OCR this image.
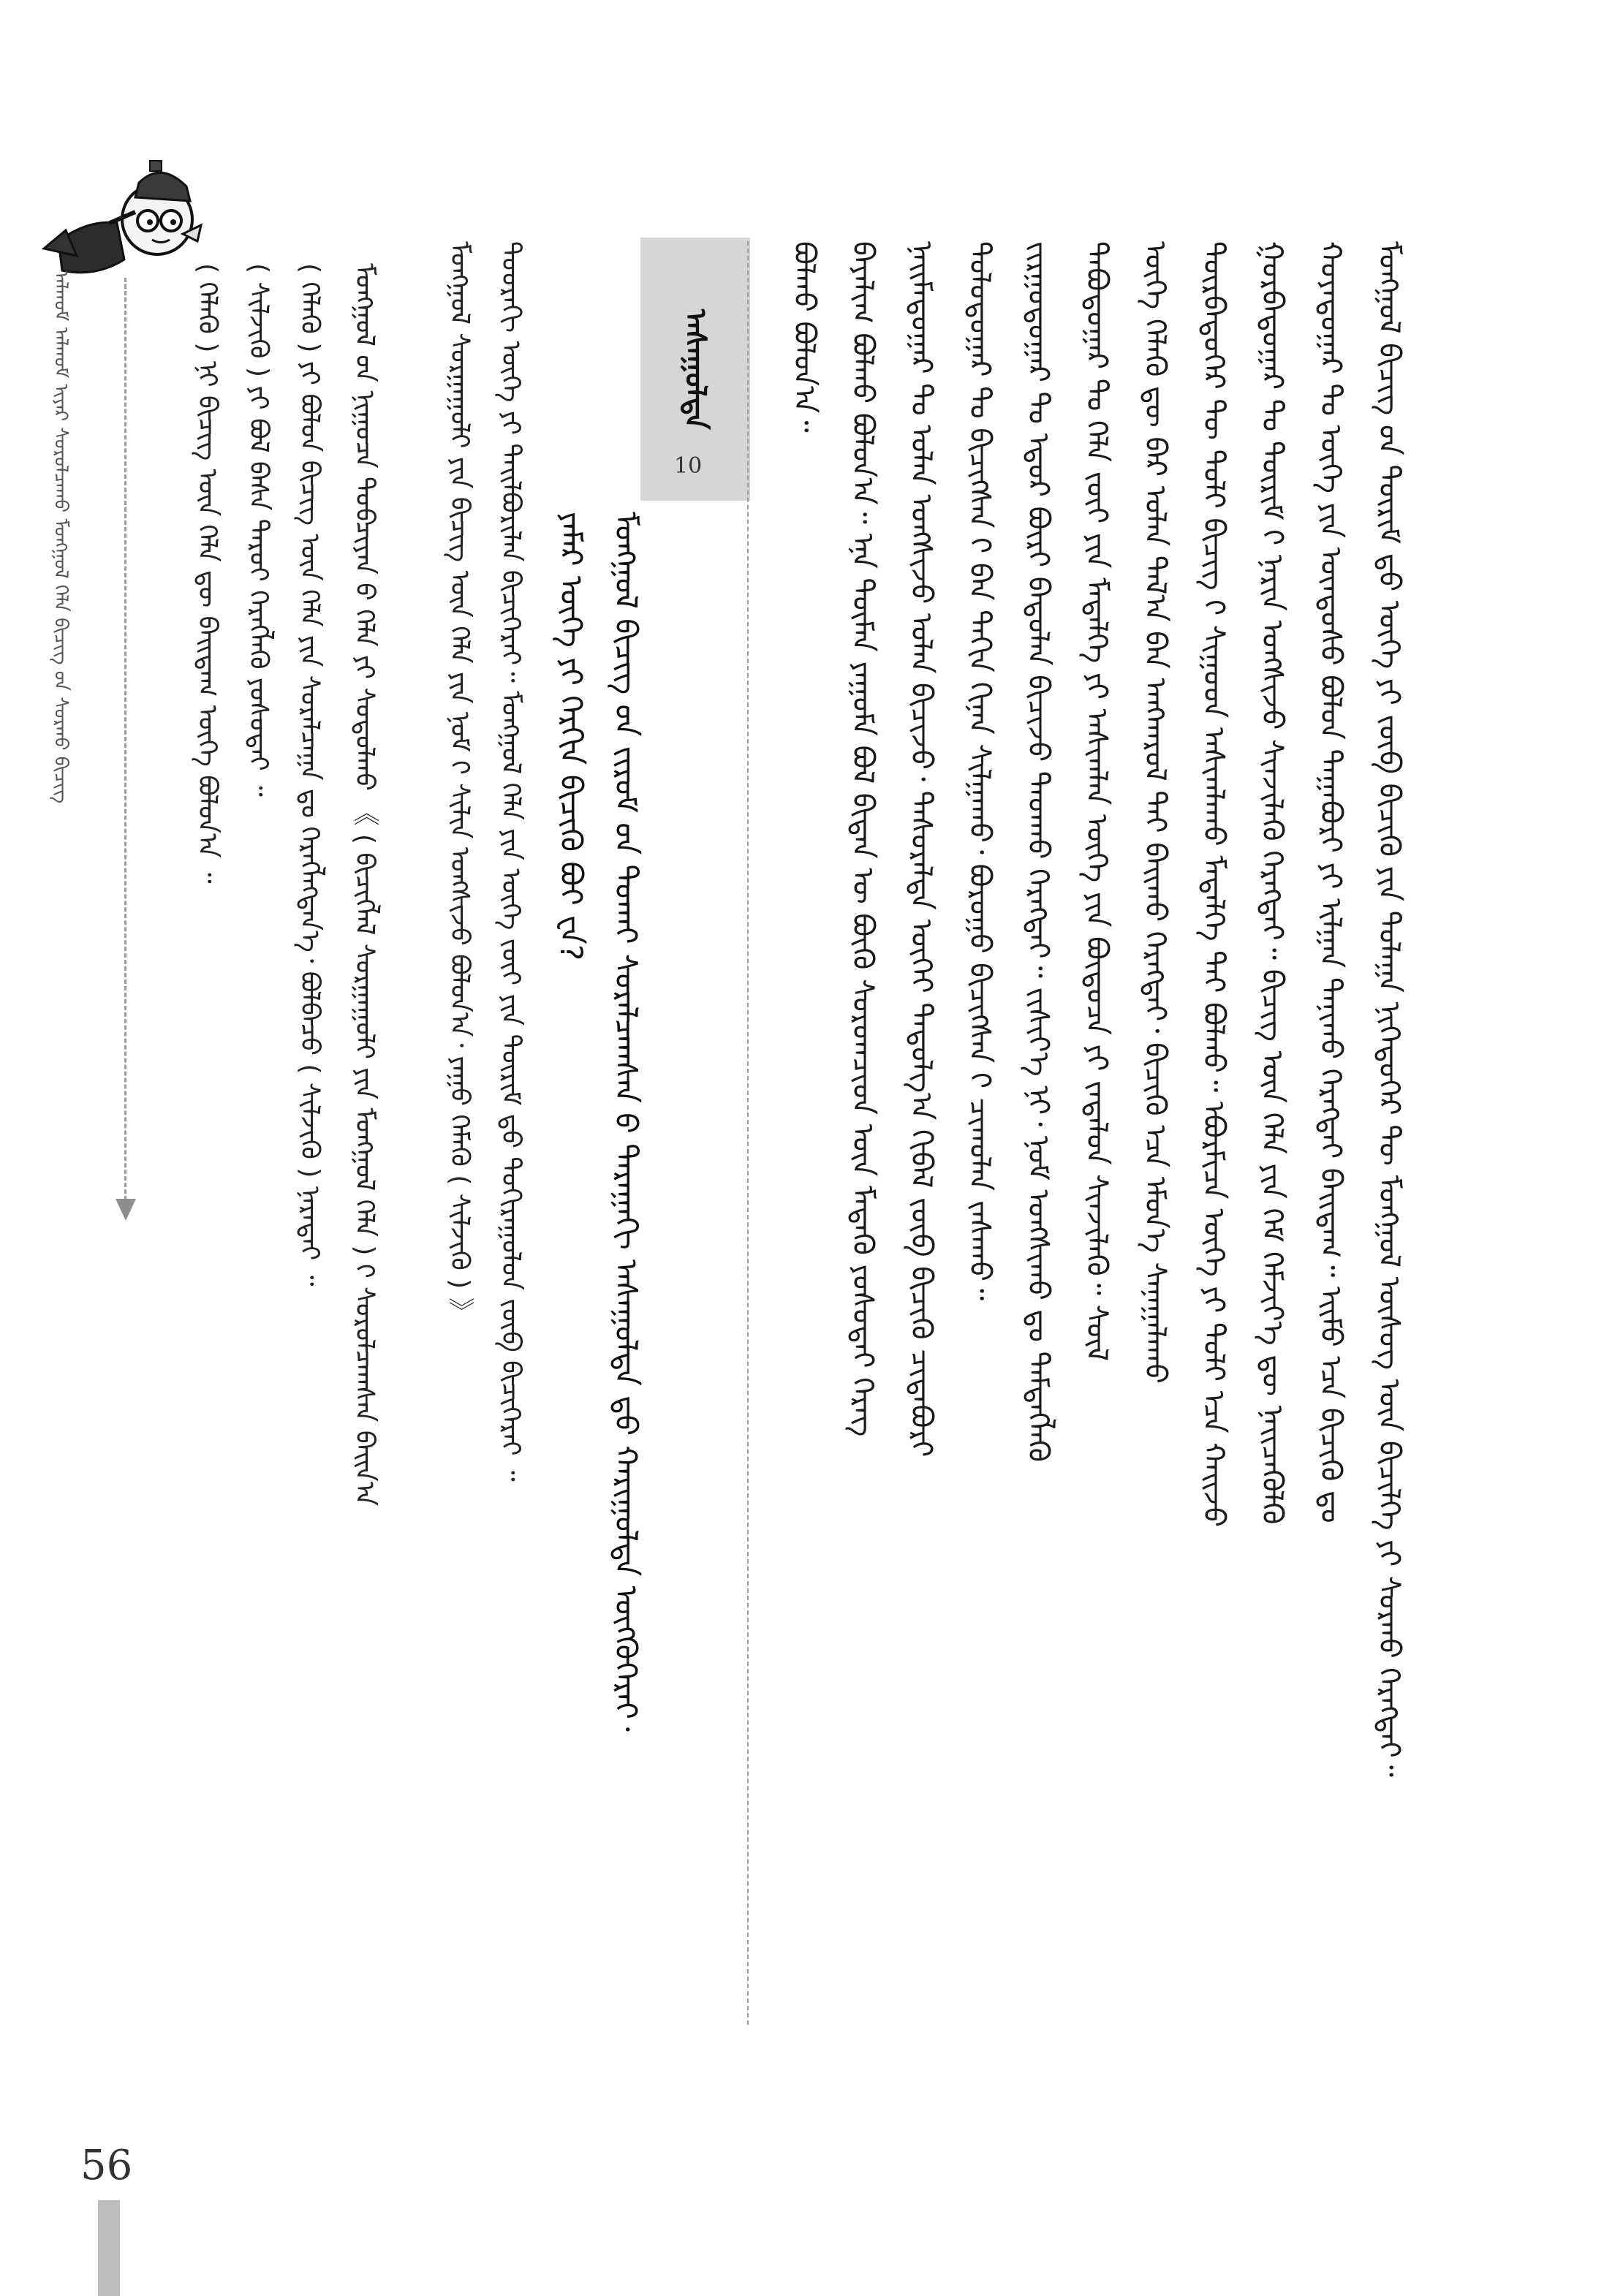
ᠠᠯᠬᠤᠮ ᠠᠯᠬᠤᠮ ᠢᠶᠠᠷ ᠰᠤᠷᠤᠯᠴᠠᠬᠤ ᠮᠣᠩᠭᠣᠯ ᠬᠡᠯᠡ ᠪᠢᠴᠢᠭ ᠤ᠋ᠨ ᠰᠤᠷᠬᠤ ᠪᠢᠴᠢᠭ
56
( ᠬᠡᠯᠡᠬᠦ ) ᠨᠢ ᠪᠢᠴᠢᠭ ᠦᠨ ᠬᠡᠯᠡ ᠳᠦ ᠪᠠᠢᠳᠠᠭ ᠦᠭᠡ ᠪᠣᠯᠤᠨ᠎ᠠ ᠃ ( ᠰᠢᠯᠵᠢᠬᠦ ) ᠶᠢ ᠪᠣᠯ ᠪᠠᠰᠠ ᠳᠠᠷᠤᠢ ᠬᠡᠷᠡᠭᠯᠡᠬᠦ ᠶᠣᠰᠣᠲᠠᠢ ᠃ ( ᠬᠡᠯᠡᠬᠦ ) ᠶᠢ ᠪᠣᠯᠤᠨ ᠪᠢᠴᠢᠭ ᠦᠨ ᠬᠡᠯᠡ ᠶᠢᠨ ᠰᠤᠷᠠᠯᠴᠠᠭᠠ ᠳᠤ ᠬᠡᠷᠡᠭᠯᠡᠭᠳᠡᠨ᠎ᠡ᠂ ᠪᠣᠯᠪᠠᠴᠤ ( ᠰᠢᠯᠵᠢᠬᠦ ) ᠨᠡᠷᠡᠲᠡᠢ ᠃ ᠮᠣᠩᠭᠣᠯ ᠤ᠋ᠨ ᠨᠢᠭᠤᠴᠠ ᠲᠣᠪᠴᠢᠶᠠᠨ ᠤ᠋ ᠬᠡᠯᠡ ᠶᠢ ᠰᠤᠳᠤᠯᠬᠤ 《 ( ᠪᠢᠴᠢᠭᠯᠡᠯ ᠰᠤᠷᠭᠠᠭᠤᠯᠢ ᠶᠢᠨ ᠮᠣᠩᠭᠣᠯ ᠬᠡᠯᠡ ) ᠢ᠋ ᠰᠤᠷᠤᠯᠴᠠᠭᠰᠠᠨ ᠪᠠᠢᠨ᠎ᠠ ᠮᠣᠩᠭᠣᠯ ᠰᠤᠷᠭᠠᠭᠤᠯᠢ ᠶᠢᠨ ᠪᠢᠴᠢᠭ ᠦᠨ ᠬᠡᠯᠡ ᠶᠢᠨ ᠨᠣᠮ ᠢ᠋ ᠰᠢᠯᠢᠨ ᠤᠩᠰᠢᠵᠤ ᠪᠣᠯᠤᠨ᠎ᠠ᠂ ᠶᠠᠭᠤ ᠬᠡᠮᠡᠬᠦ ( ᠰᠢᠯᠵᠢᠬᠦ ) 》 ᠳᠣᠣᠷᠠᠬᠢ ᠦᠭᠡ ᠶᠢ ᠲᠠᠢᠯᠪᠤᠷᠢᠯᠠᠨ ᠪᠢᠴᠢᠭᠡᠷᠡᠢ᠃ ᠮᠣᠩᠭᠣᠯ ᠬᠡᠯᠡ ᠶᠢᠨ ᠦᠭᠡ ᠵᠦᠢ ᠶᠢᠨ ᠳᠦᠷᠢᠮ ᠳ᠋ᠤ᠌ ᠲᠣᠬᠢᠷᠠᠭᠤᠯᠤᠨ ᠵᠦᠪ ᠪᠢᠴᠢᠭᠡᠷᠡᠢ ᠃ ᠶᠠᠮᠠᠷ ᠦᠭᠡ ᠶᠢ ᠬᠡᠷᠬᠢᠨ ᠪᠢᠴᠢᠬᠦ ᠪᠤᠢ ᠸᠡ? ᠮᠣᠩᠭᠣᠯ ᠪᠢᠴᠢᠭ ᠤ᠋ᠨ ᠵᠢᠷᠤᠮ ᠤ᠋ᠨ ᠲᠤᠬᠠᠢ ᠰᠤᠷᠠᠯᠴᠠᠭᠰᠠᠨ ᠤ᠋ ᠳᠠᠷᠠᠭᠠᠬᠢ ᠠᠰᠠᠭᠤᠯᠲᠠ ᠳ᠋ᠤ᠌ ᠬᠠᠷᠢᠭᠤᠯᠲᠠ ᠥᠭᠭᠦᠭᠡᠷᠡᠢ᠂
ᠠᠰᠠᠭᠤᠯᠲᠠ
10
ᠪᠣᠯᠬᠤ ᠪᠣᠯᠤᠨ᠎ᠠ᠃ ᠪᠠᠶᠠᠯᠢᠭ ᠪᠣᠯᠬᠤ ᠪᠣᠯᠤᠨ᠎ᠠ᠃ ᠡᠨᠡ ᠲᠦᠮᠡᠨ ᠶᠠᠭᠤᠮᠠ ᠪᠣᠯ ᠪᠢᠳᠡᠨ ᠦ ᠪᠦᠬᠦ ᠰᠤᠷᠤᠭᠴᠢᠳ ᠦᠨ ᠮᠡᠳᠡᠬᠦ ᠶᠣᠰᠣᠲᠠᠢ ᠬᠡᠷᠡᠭ ᠨᠠᠢᠮᠠᠳᠤᠭᠠᠷ ᠲᠤ ᠣᠯᠠᠨ ᠤᠩᠰᠢᠵᠤ ᠣᠯᠠᠨ ᠪᠢᠴᠢᠵᠦ᠂ ᠲᠠᠰᠤᠷᠠᠯᠲᠠ ᠦᠭᠡᠢ ᠳᠠᠳᠤᠯᠭ᠎ᠠ ᠬᠢᠪᠡᠯ ᠵᠦᠪ ᠪᠢᠴᠢᠬᠦ ᠴᠢᠳᠠᠪᠤᠷᠢ ᠳᠣᠯᠣᠳᠤᠭᠠᠷ ᠲᠤ ᠪᠢᠴᠢᠭᠰᠡᠨ ᠢ᠋ ᠪᠠᠨ ᠳᠠᠬᠢᠨ ᠬᠢᠨᠠᠨ ᠰᠢᠯᠭᠠᠬᠤ᠂ ᠪᠤᠷᠤᠭᠤ ᠪᠢᠴᠢᠭᠰᠡᠨ ᠢ᠋ ᠴᠢᠬᠤᠯᠠᠨ ᠵᠠᠰᠠᠬᠤ᠃ ᠵᠢᠷᠭᠤᠳᠤᠭᠠᠷ ᠲᠤ ᠡᠳᠦᠷ ᠪᠦᠷᠢ ᠪᠠᠳᠤᠯᠠᠨ ᠪᠢᠴᠢᠵᠦ ᠳᠠᠳᠬᠤ ᠬᠡᠷᠡᠭᠲᠡᠢ᠃ ᠵᠢᠱᠢᠶ᠎ᠡ ᠨᠢ᠂ ᠨᠣᠮ ᠤᠩᠰᠢᠬᠤ ᠳᠤ ᠲᠡᠮᠳᠡᠭᠯᠡᠬᠦ ᠲᠠᠪᠤᠳᠤᠭᠠᠷ ᠲᠤ ᠬᠡᠯᠡ ᠵᠦᠢ ᠶᠢᠨ ᠮᠡᠳᠡᠯᠭᠡ ᠶᠢ ᠠᠰᠢᠭᠯᠠᠨ ᠦᠭᠡ ᠶᠢᠨ ᠪᠦᠲᠦᠴᠡ ᠶᠢ ᠵᠠᠳᠠᠯᠤᠨ ᠱᠢᠨᠵᠢᠯᠡᠬᠦ᠃ ᠰᠦᠯ ᠦᠭᠡ ᠬᠡᠯᠡᠬᠦ ᠳᠦ ᠪᠠᠷ ᠣᠯᠠᠨ ᠲᠠᠯ᠎ᠠ ᠪᠠᠨ ᠠᠩᠬᠠᠷᠤᠯ ᠲᠠᠢ ᠪᠠᠢᠬᠤ ᠬᠡᠷᠡᠭᠲᠡᠢ᠂ ᠪᠢᠴᠢᠬᠦ ᠡᠴᠡ ᠡᠮᠦᠨ᠎ᠡ ᠰᠠᠨᠠᠭᠠᠯᠠᠬᠤ ᠳᠥᠷᠪᠡᠳᠦᠭᠡᠷ ᠲᠦ ᠲᠣᠯᠢ ᠪᠢᠴᠢᠭ ᠢ᠋ ᠰᠢᠭᠤᠳ ᠠᠰᠢᠭᠯᠠᠬᠤ ᠮᠡᠳᠡᠯᠭᠡ ᠲᠡᠢ ᠪᠣᠯᠬᠤ᠃ ᠡᠪᠦᠷᠮᠢᠴᠡ ᠦᠭᠡ ᠶᠢ ᠲᠣᠯᠢ ᠡᠴᠡ ᠬᠠᠢᠵᠤ ᠭᠤᠷᠪᠠᠳᠤᠭᠠᠷ ᠲᠤ ᠳᠦᠷᠢᠮ ᠢ᠋ ᠨᠠᠷᠢᠨ ᠤᠩᠰᠢᠵᠤ ᠰᠢᠨᠵᠢᠯᠡᠬᠦ ᠬᠡᠷᠡᠭᠲᠡᠢ᠃ ᠪᠢᠴᠢᠭ ᠦᠨ ᠬᠡᠯᠡ ᠶᠢᠨ ᠬᠡᠮ ᠬᠡᠮᠵᠢᠶ᠎ᠡ ᠳᠦ ᠨᠡᠢᠴᠡᠭᠦᠯᠬᠦ ᠬᠣᠶᠠᠳᠤᠭᠠᠷ ᠲᠤ ᠦᠭᠡ ᠶᠢᠨ ᠦᠨᠳᠦᠰᠦ ᠪᠣᠯᠤᠨ ᠳᠠᠭᠠᠪᠤᠷᠢ ᠶᠢ ᠢᠯᠭᠠᠨ ᠲᠠᠨᠢᠬᠤ ᠬᠡᠷᠡᠭᠲᠡᠢ ᠪᠠᠢᠳᠠᠭ᠃ ᠡᠢᠮᠤ ᠡᠴᠡ ᠪᠢᠴᠢᠬᠦ ᠳᠤ ᠮᠣᠩᠭᠣᠯ ᠪᠢᠴᠢᠭ ᠤ᠋ᠨ ᠳᠦᠷᠢᠮ ᠳ᠋ᠤ᠌ ᠦᠭᠡ ᠶᠢ ᠵᠦᠪ ᠪᠢᠴᠢᠬᠦ ᠶᠢᠨ ᠲᠤᠯᠠᠭᠠ ᠨᠢᠭᠡᠳᠦᠭᠡᠷ ᠲᠦ ᠮᠣᠩᠭᠣᠯ ᠦᠰᠦᠭ ᠦᠨ ᠪᠢᠴᠢᠯᠭᠡ ᠶᠢ ᠰᠤᠷᠬᠤ ᠬᠡᠷᠡᠭᠲᠡᠢ᠃
